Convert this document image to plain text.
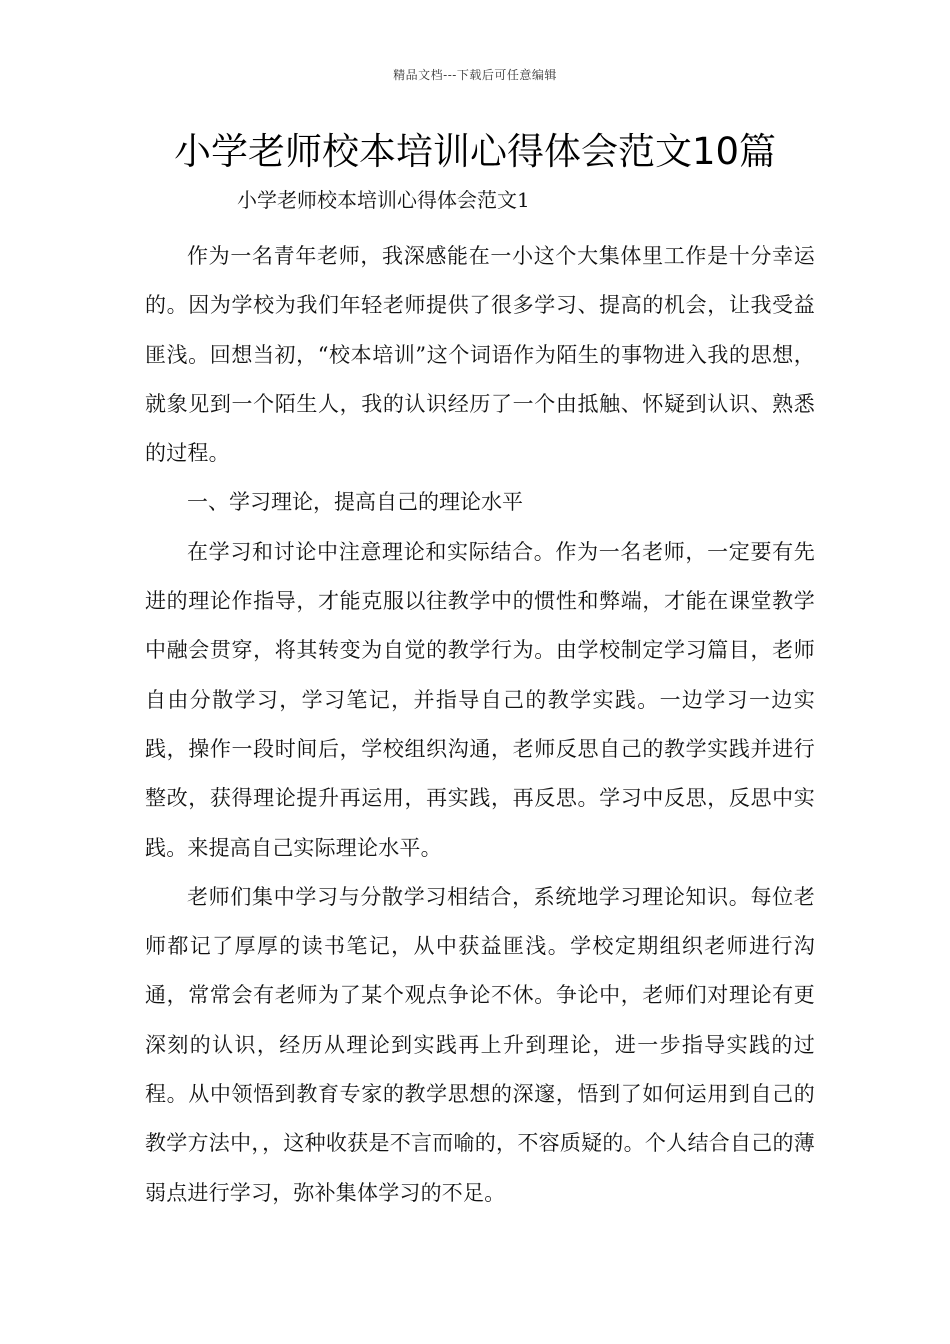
精品文档---下载后可任意编辑
小学老师校本培训心得体会范文10篇

小学老师校本培训心得体会范文1

作为一名青年老师，我深感能在一小这个大集体里工作是十分幸运的。因为学校为我们年轻老师提供了很多学习、提高的机会，让我受益匪浅。回想当初，“校本培训”这个词语作为陌生的事物进入我的思想，就象见到一个陌生人，我的认识经历了一个由抵触、怀疑到认识、熟悉的过程。

一、学习理论，提高自己的理论水平

在学习和讨论中注意理论和实际结合。作为一名老师，一定要有先进的理论作指导，才能克服以往教学中的惯性和弊端，才能在课堂教学中融会贯穿，将其转变为自觉的教学行为。由学校制定学习篇目，老师自由分散学习，学习笔记，并指导自己的教学实践。一边学习一边实践，操作一段时间后，学校组织沟通，老师反思自己的教学实践并进行整改，获得理论提升再运用，再实践，再反思。学习中反思，反思中实践。来提高自己实际理论水平。

老师们集中学习与分散学习相结合，系统地学习理论知识。每位老师都记了厚厚的读书笔记，从中获益匪浅。学校定期组织老师进行沟通，常常会有老师为了某个观点争论不休。争论中，老师们对理论有更深刻的认识，经历从理论到实践再上升到理论，进一步指导实践的过程。从中领悟到教育专家的教学思想的深邃，悟到了如何运用到自己的教学方法中，，这种收获是不言而喻的，不容质疑的。个人结合自己的薄弱点进行学习，弥补集体学习的不足。
